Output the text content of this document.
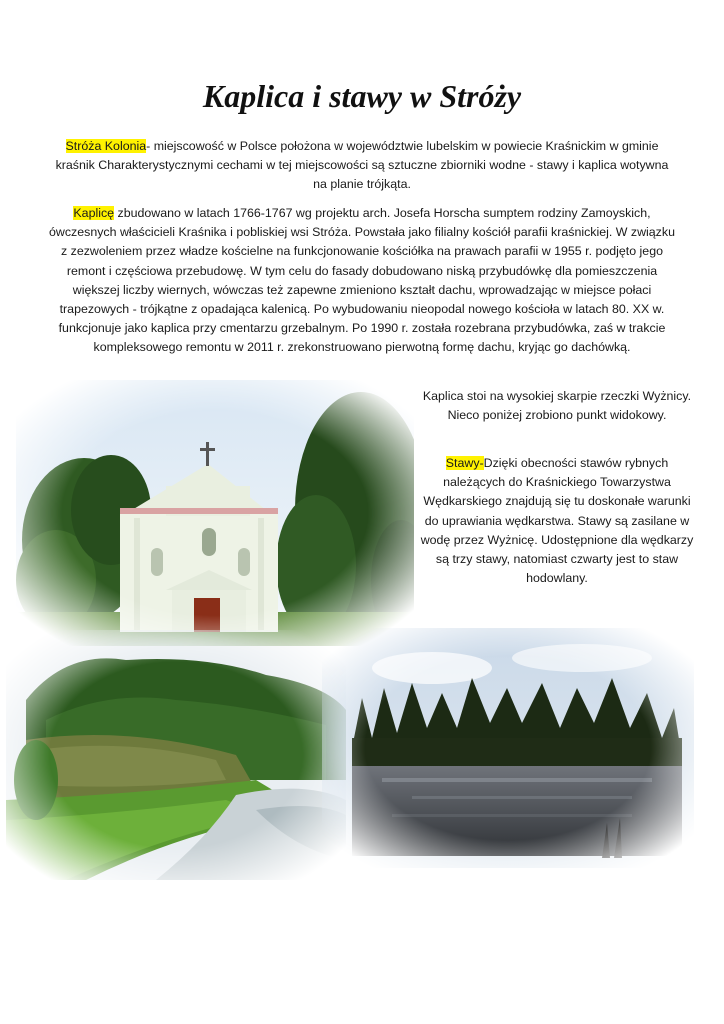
Kaplica i stawy w Stróży

Stróża Kolonia- miejscowość w Polsce położona w województwie lubelskim w powiecie Kraśnickim w gminie kraśnik Charakterystycznymi cechami w tej miejscowości są sztuczne zbiorniki wodne - stawy i kaplica wotywna na planie trójkąta.

Kaplicę zbudowano w latach 1766-1767 wg projektu arch. Josefa Horscha sumptem rodziny Zamoyskich, ówczesnych właścicieli Kraśnika i pobliskiej wsi Stróża. Powstała jako filialny kościół parafii kraśnickiej. W związku z zezwoleniem przez władze kościelne na funkcjonowanie kościółka na prawach parafii w 1955 r. podjęto jego remont i częściowa przebudowę. W tym celu do fasady dobudowano niską przybudówkę dla pomieszczenia większej liczby wiernych, wówczas też zapewne zmieniono kształt dachu, wprowadzając w miejsce połaci trapezowych - trójkątne z opadająca kalenicą. Po wybudowaniu nieopodal nowego kościoła w latach 80. XX w. funkcjonuje jako kaplica przy cmentarzu grzebalnym. Po 1990 r. została rozebrana przybudówka, zaś w trakcie kompleksowego remontu w 2011 r. zrekonstruowano pierwotną formę dachu, kryjąc go dachówką.

Kaplica stoi na wysokiej skarpie rzeczki Wyżnicy. Nieco poniżej zrobiono punkt widokowy.

Stawy-Dzięki obecności stawów rybnych należących do Kraśnickiego Towarzystwa Wędkarskiego znajdują się tu doskonałe warunki do uprawiania wędkarstwa. Stawy są zasilane w wodę przez Wyżnicę. Udostępnione dla wędkarzy są trzy stawy, natomiast czwarty jest to staw hodowlany.
